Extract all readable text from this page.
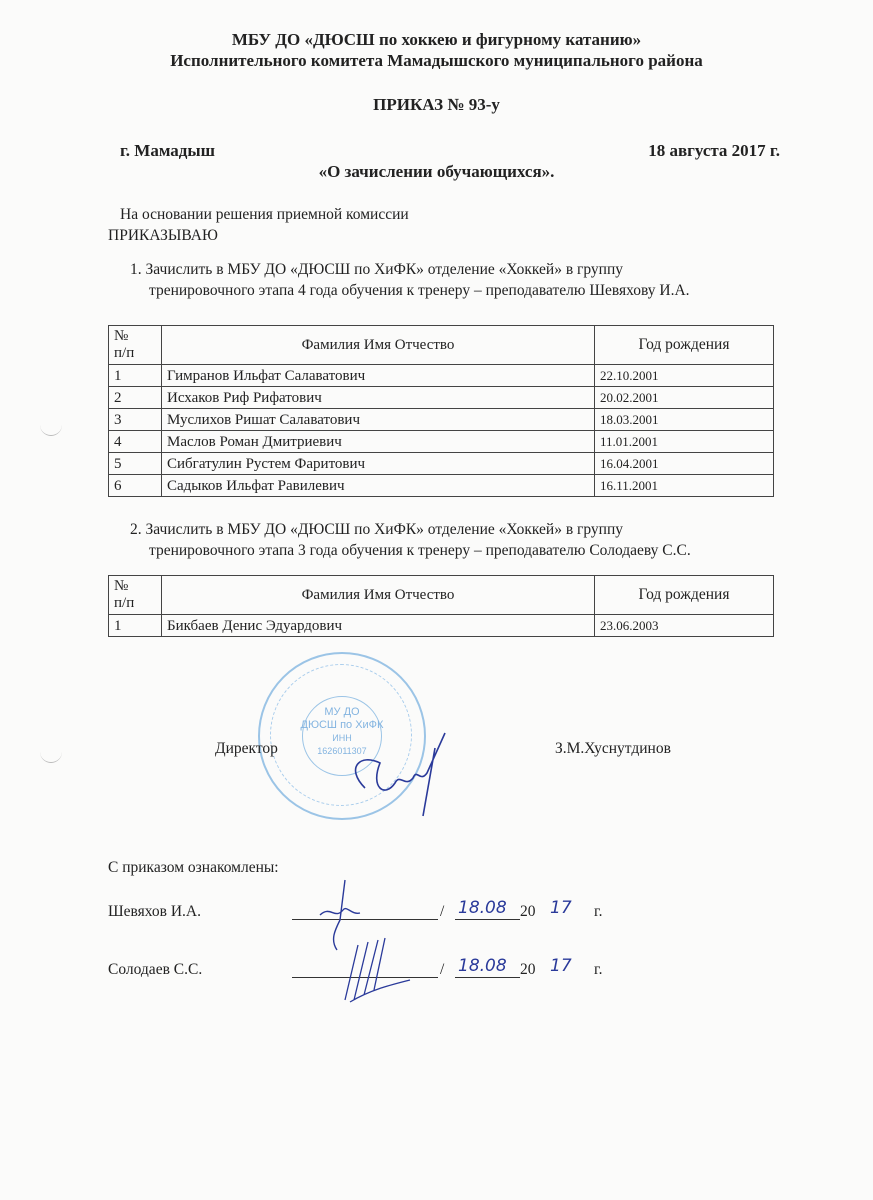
МБУ ДО «ДЮСШ по хоккею и фигурному катанию»
Исполнительного комитета Мамадышского муниципального района
ПРИКАЗ № 93-у
г. Мамадыш	18 августа 2017 г.
«О зачислении обучающихся».
На основании решения приемной комиссии
ПРИКАЗЫВАЮ
1. Зачислить в МБУ ДО «ДЮСШ по ХиФК» отделение «Хоккей» в группу
тренировочного этапа 4 года обучения к тренеру – преподавателю Шевяхову И.А.
№
п/п	Фамилия Имя Отчество	Год рождения
1	Гимранов Ильфат Салаватович	22.10.2001
2	Исхаков Риф Рифатович	20.02.2001
3	Муслихов Ришат Салаватович	18.03.2001
4	Маслов Роман Дмитриевич	11.01.2001
5	Сибгатулин Рустем Фаритович	16.04.2001
6	Садыков Ильфат Равилевич	16.11.2001
2. Зачислить в МБУ ДО «ДЮСШ по ХиФК» отделение «Хоккей» в группу
тренировочного этапа 3 года обучения к тренеру – преподавателю Солодаеву С.С.
№
п/п	Фамилия Имя Отчество	Год рождения
1	Бикбаев Денис Эдуардович	23.06.2003
МУ ДО
ДЮСШ по ХиФК
ИНН
1626011307
Директор	З.М.Хуснутдинов
С приказом ознакомлены:
Шевяхов И.А.	/ 18.08 20 17 г.
Солодаев С.С.	/ 18.08 20 17 г.
